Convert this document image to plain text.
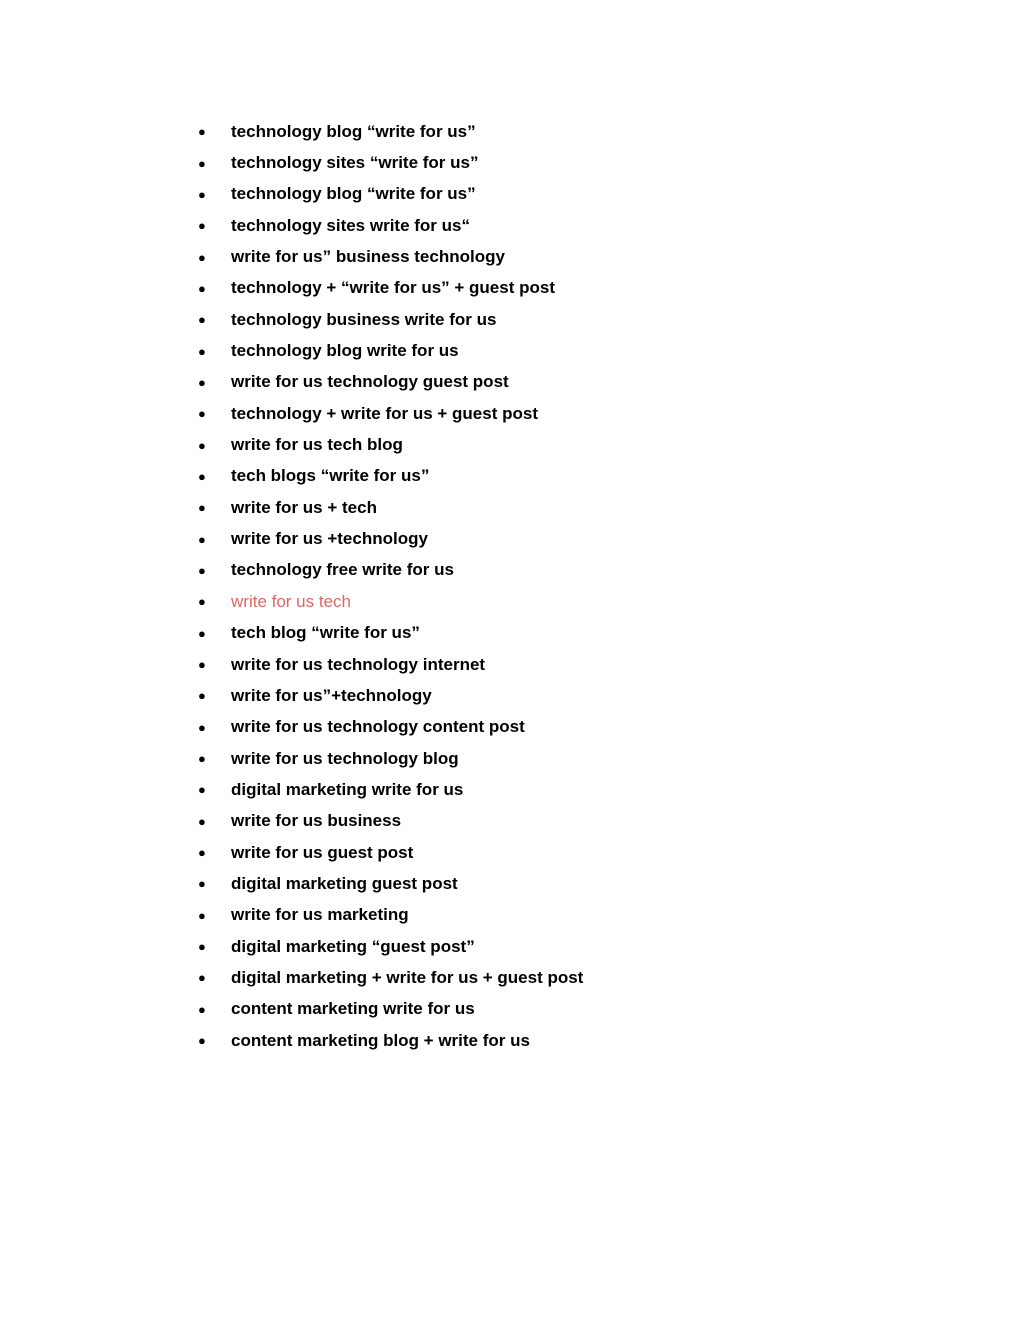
●	technology blog “write for us”
●	technology sites “write for us”
●	technology blog “write for us”
●	technology sites write for us“
●	write for us” business technology
●	technology + “write for us” + guest post
●	technology business write for us
●	technology blog write for us
●	write for us technology guest post
●	technology + write for us + guest post
●	write for us tech blog
●	tech blogs “write for us”
●	write for us + tech
●	write for us +technology
●	technology free write for us
●	write for us tech
●	tech blog “write for us”
●	write for us technology internet
●	write for us”+technology
●	write for us technology content post
●	write for us technology blog
●	digital marketing write for us
●	write for us business
●	write for us guest post
●	digital marketing guest post
●	write for us marketing
●	digital marketing “guest post”
●	digital marketing + write for us + guest post
●	content marketing write for us
●	content marketing blog + write for us
